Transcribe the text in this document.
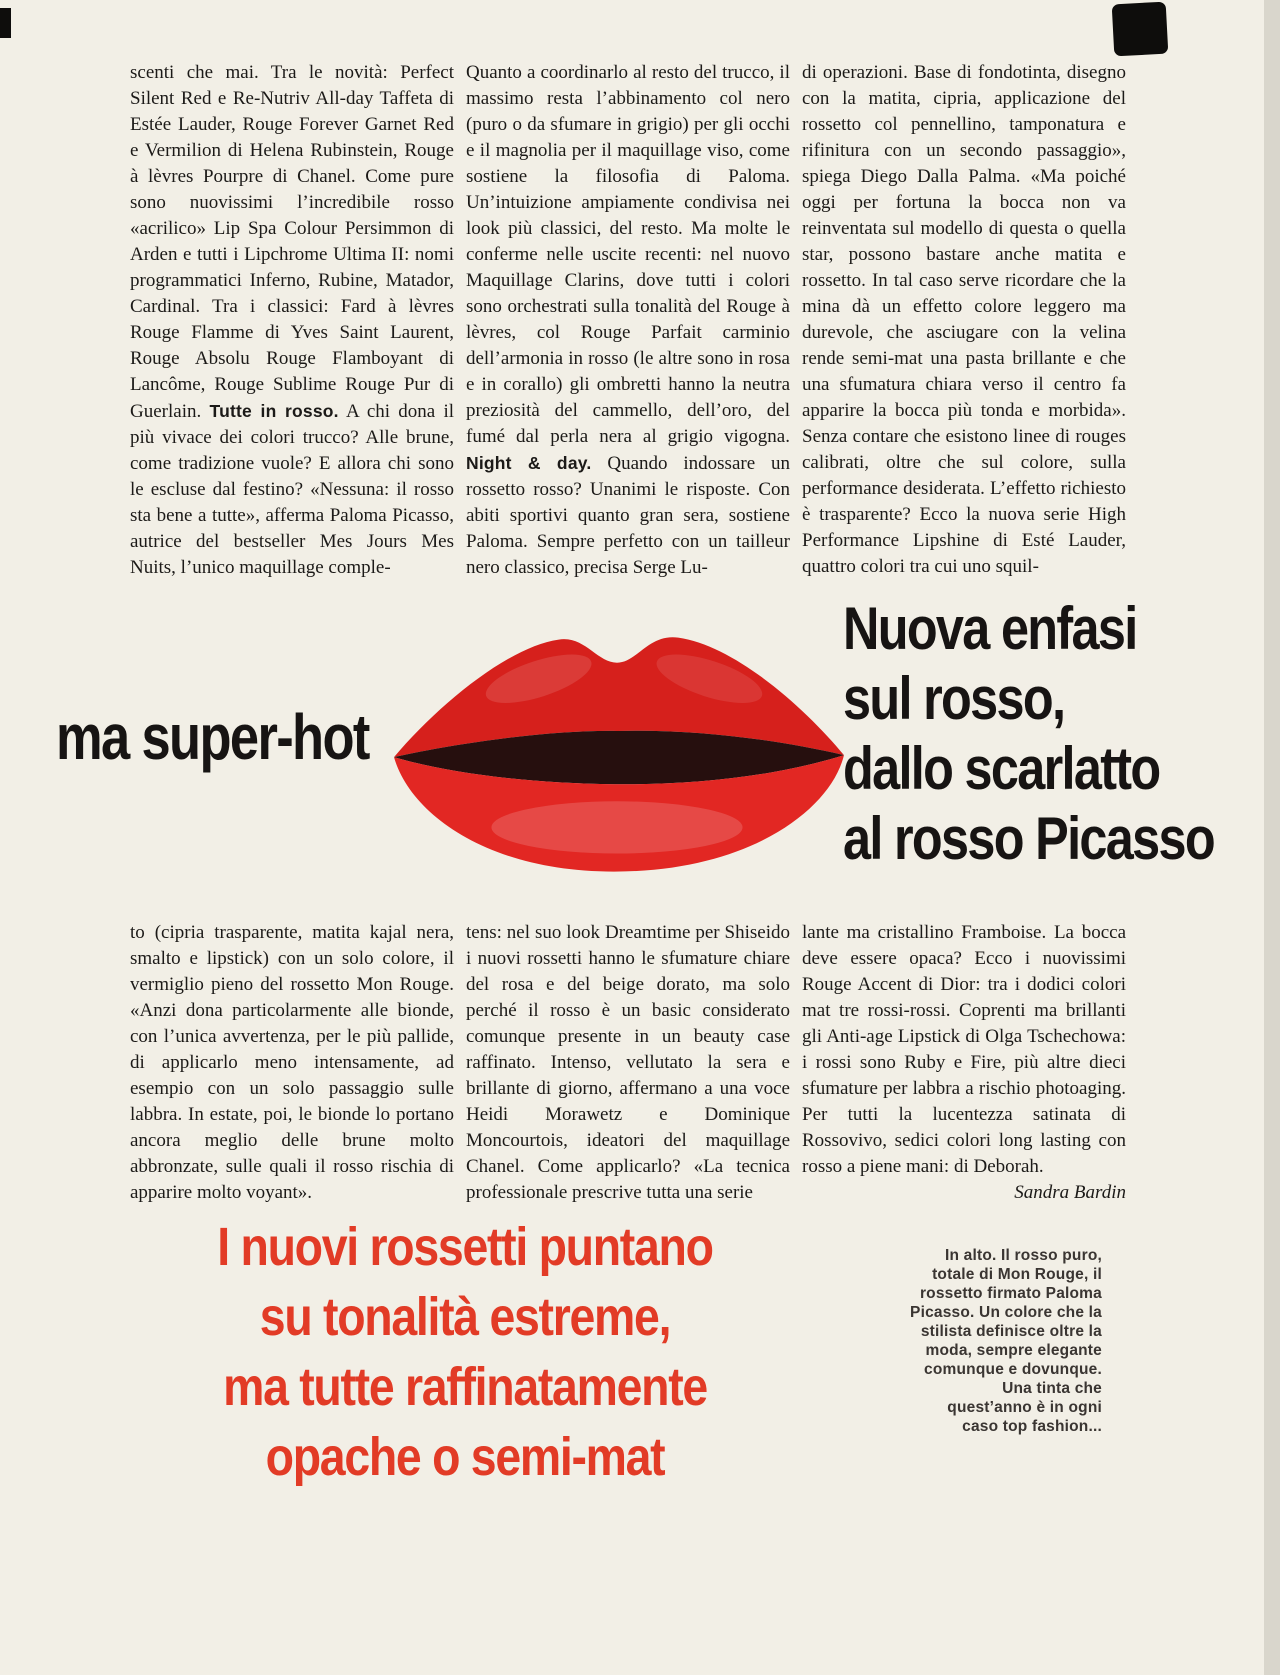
scenti che mai. Tra le novità: Perfect Silent Red e Re-Nutriv All-day Taffeta di Estée Lauder, Rouge Forever Garnet Red e Vermilion di Helena Rubinstein, Rouge à lèvres Pourpre di Chanel. Come pure sono nuovissimi l’incredibile rosso «acrilico» Lip Spa Colour Persimmon di Arden e tutti i Lipchrome Ultima II: nomi programmatici Inferno, Rubine, Matador, Cardinal. Tra i classici: Fard à lèvres Rouge Flamme di Yves Saint Laurent, Rouge Absolu Rouge Flamboyant di Lancôme, Rouge Sublime Rouge Pur di Guerlain. Tutte in rosso. A chi dona il più vivace dei colori trucco? Alle brune, come tradizione vuole? E allora chi sono le escluse dal festino? «Nessuna: il rosso sta bene a tutte», afferma Paloma Picasso, autrice del bestseller Mes Jours Mes Nuits, l’unico maquillage comple-

Quanto a coordinarlo al resto del trucco, il massimo resta l’abbinamento col nero (puro o da sfumare in grigio) per gli occhi e il magnolia per il maquillage viso, come sostiene la filosofia di Paloma. Un’intuizione ampiamente condivisa nei look più classici, del resto. Ma molte le conferme nelle uscite recenti: nel nuovo Maquillage Clarins, dove tutti i colori sono orchestrati sulla tonalità del Rouge à lèvres, col Rouge Parfait carminio dell’armonia in rosso (le altre sono in rosa e in corallo) gli ombretti hanno la neutra preziosità del cammello, dell’oro, del fumé dal perla nera al grigio vigogna. Night & day. Quando indossare un rossetto rosso? Unanimi le risposte. Con abiti sportivi quanto gran sera, sostiene Paloma. Sempre perfetto con un tailleur nero classico, precisa Serge Lu-

di operazioni. Base di fondotinta, disegno con la matita, cipria, applicazione del rossetto col pennellino, tamponatura e rifinitura con un secondo passaggio», spiega Diego Dalla Palma. «Ma poiché oggi per fortuna la bocca non va reinventata sul modello di questa o quella star, possono bastare anche matita e rossetto. In tal caso serve ricordare che la mina dà un effetto colore leggero ma durevole, che asciugare con la velina rende semi-mat una pasta brillante e che una sfumatura chiara verso il centro fa apparire la bocca più tonda e morbida». Senza contare che esistono linee di rouges calibrati, oltre che sul colore, sulla performance desiderata. L’effetto richiesto è trasparente? Ecco la nuova serie High Performance Lipshine di Esté Lauder, quattro colori tra cui uno squil-

ma super-hot
Nuova enfasi
sul rosso,
dallo scarlatto
al rosso Picasso

to (cipria trasparente, matita kajal nera, smalto e lipstick) con un solo colore, il vermiglio pieno del rossetto Mon Rouge. «Anzi dona particolarmente alle bionde, con l’unica avvertenza, per le più pallide, di applicarlo meno intensamente, ad esempio con un solo passaggio sulle labbra. In estate, poi, le bionde lo portano ancora meglio delle brune molto abbronzate, sulle quali il rosso rischia di apparire molto voyant».

tens: nel suo look Dreamtime per Shiseido i nuovi rossetti hanno le sfumature chiare del rosa e del beige dorato, ma solo perché il rosso è un basic considerato comunque presente in un beauty case raffinato. Intenso, vellutato la sera e brillante di giorno, affermano a una voce Heidi Morawetz e Dominique Moncourtois, ideatori del maquillage Chanel. Come applicarlo? «La tecnica professionale prescrive tutta una serie

lante ma cristallino Framboise. La bocca deve essere opaca? Ecco i nuovissimi Rouge Accent di Dior: tra i dodici colori mat tre rossi-rossi. Coprenti ma brillanti gli Anti-age Lipstick di Olga Tschechowa: i rossi sono Ruby e Fire, più altre dieci sfumature per labbra a rischio photoaging. Per tutti la lucentezza satinata di Rossovivo, sedici colori long lasting con rosso a piene mani: di Deborah.
Sandra Bardin

I nuovi rossetti puntano
su tonalità estreme,
ma tutte raffinatamente
opache o semi-mat
In alto. Il rosso puro,
totale di Mon Rouge, il
rossetto firmato Paloma
Picasso. Un colore che la
stilista definisce oltre la
moda, sempre elegante
comunque e dovunque.
Una tinta che
quest’anno è in ogni
caso top fashion...
